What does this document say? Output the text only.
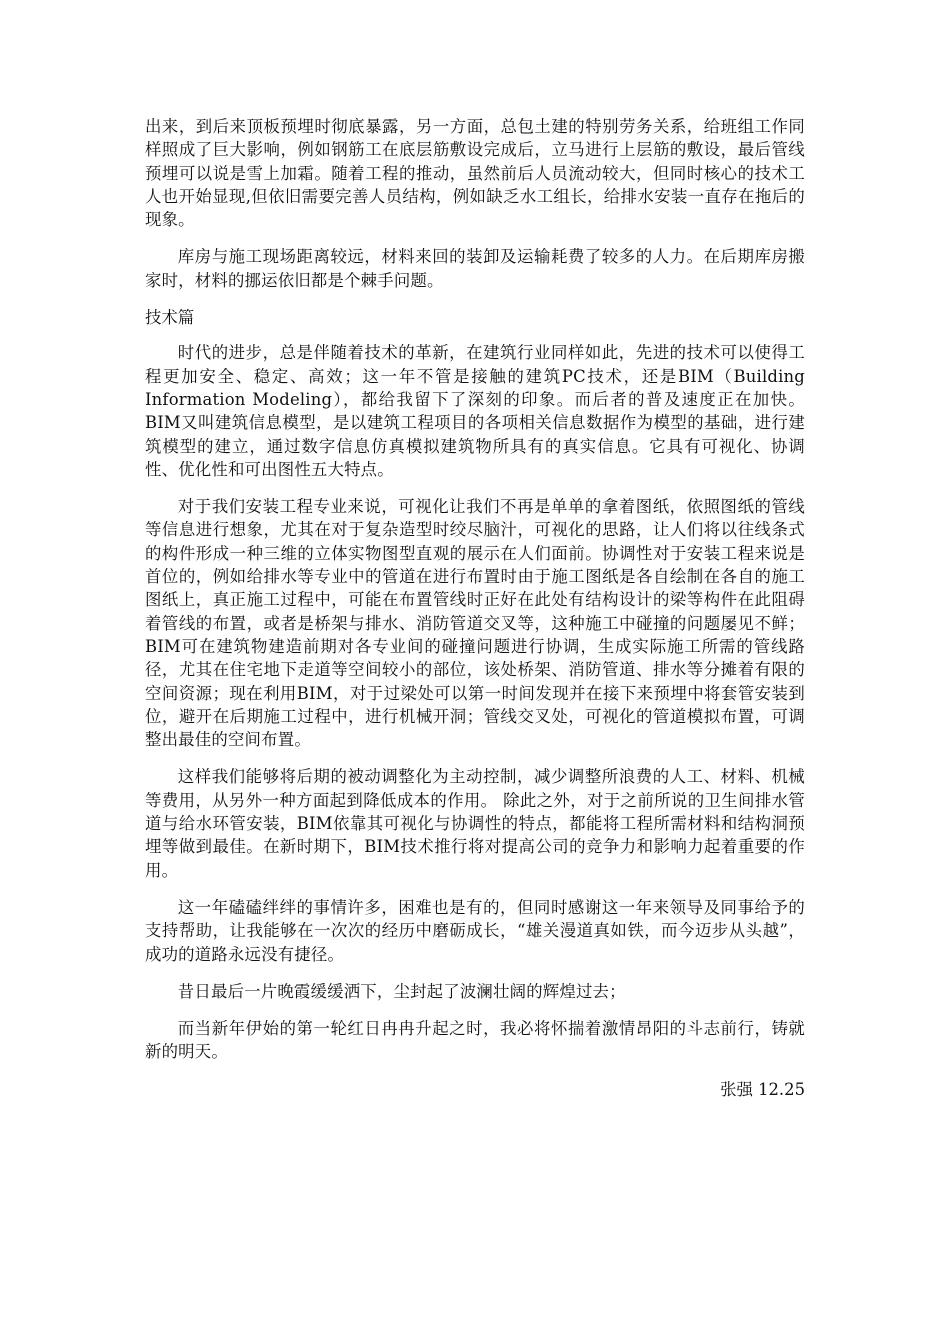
出来，到后来顶板预埋时彻底暴露，另一方面，总包土建的特别劳务关系，给班组工作同样照成了巨大影响，例如钢筋工在底层筋敷设完成后，立马进行上层筋的敷设，最后管线预埋可以说是雪上加霜。随着工程的推动，虽然前后人员流动较大，但同时核心的技术工人也开始显现,但依旧需要完善人员结构，例如缺乏水工组长，给排水安装一直存在拖后的现象。

库房与施工现场距离较远，材料来回的装卸及运输耗费了较多的人力。在后期库房搬家时，材料的挪运依旧都是个棘手问题。

技术篇

时代的进步，总是伴随着技术的革新，在建筑行业同样如此，先进的技术可以使得工程更加安全、稳定、高效；这一年不管是接触的建筑PC技术，还是BIM（Building Information Modeling），都给我留下了深刻的印象。而后者的普及速度正在加快。BIM又叫建筑信息模型，是以建筑工程项目的各项相关信息数据作为模型的基础，进行建筑模型的建立，通过数字信息仿真模拟建筑物所具有的真实信息。它具有可视化、协调性、优化性和可出图性五大特点。

对于我们安装工程专业来说，可视化让我们不再是单单的拿着图纸，依照图纸的管线等信息进行想象，尤其在对于复杂造型时绞尽脑汁，可视化的思路，让人们将以往线条式的构件形成一种三维的立体实物图型直观的展示在人们面前。协调性对于安装工程来说是首位的，例如给排水等专业中的管道在进行布置时由于施工图纸是各自绘制在各自的施工图纸上，真正施工过程中，可能在布置管线时正好在此处有结构设计的梁等构件在此阻碍着管线的布置，或者是桥架与排水、消防管道交叉等，这种施工中碰撞的问题屡见不鲜；BIM可在建筑物建造前期对各专业间的碰撞问题进行协调，生成实际施工所需的管线路径，尤其在住宅地下走道等空间较小的部位，该处桥架、消防管道、排水等分摊着有限的空间资源；现在利用BIM，对于过梁处可以第一时间发现并在接下来预埋中将套管安装到位，避开在后期施工过程中，进行机械开洞；管线交叉处，可视化的管道模拟布置，可调整出最佳的空间布置。

这样我们能够将后期的被动调整化为主动控制，减少调整所浪费的人工、材料、机械等费用，从另外一种方面起到降低成本的作用。 除此之外，对于之前所说的卫生间排水管道与给水环管安装，BIM依靠其可视化与协调性的特点，都能将工程所需材料和结构洞预埋等做到最佳。在新时期下，BIM技术推行将对提高公司的竞争力和影响力起着重要的作用。

这一年磕磕绊绊的事情许多，困难也是有的，但同时感谢这一年来领导及同事给予的支持帮助，让我能够在一次次的经历中磨砺成长，“雄关漫道真如铁，而今迈步从头越”，成功的道路永远没有捷径。

昔日最后一片晚霞缓缓洒下，尘封起了波澜壮阔的辉煌过去；

而当新年伊始的第一轮红日冉冉升起之时，我必将怀揣着激情昂阳的斗志前行，铸就新的明天。

张强 12.25
